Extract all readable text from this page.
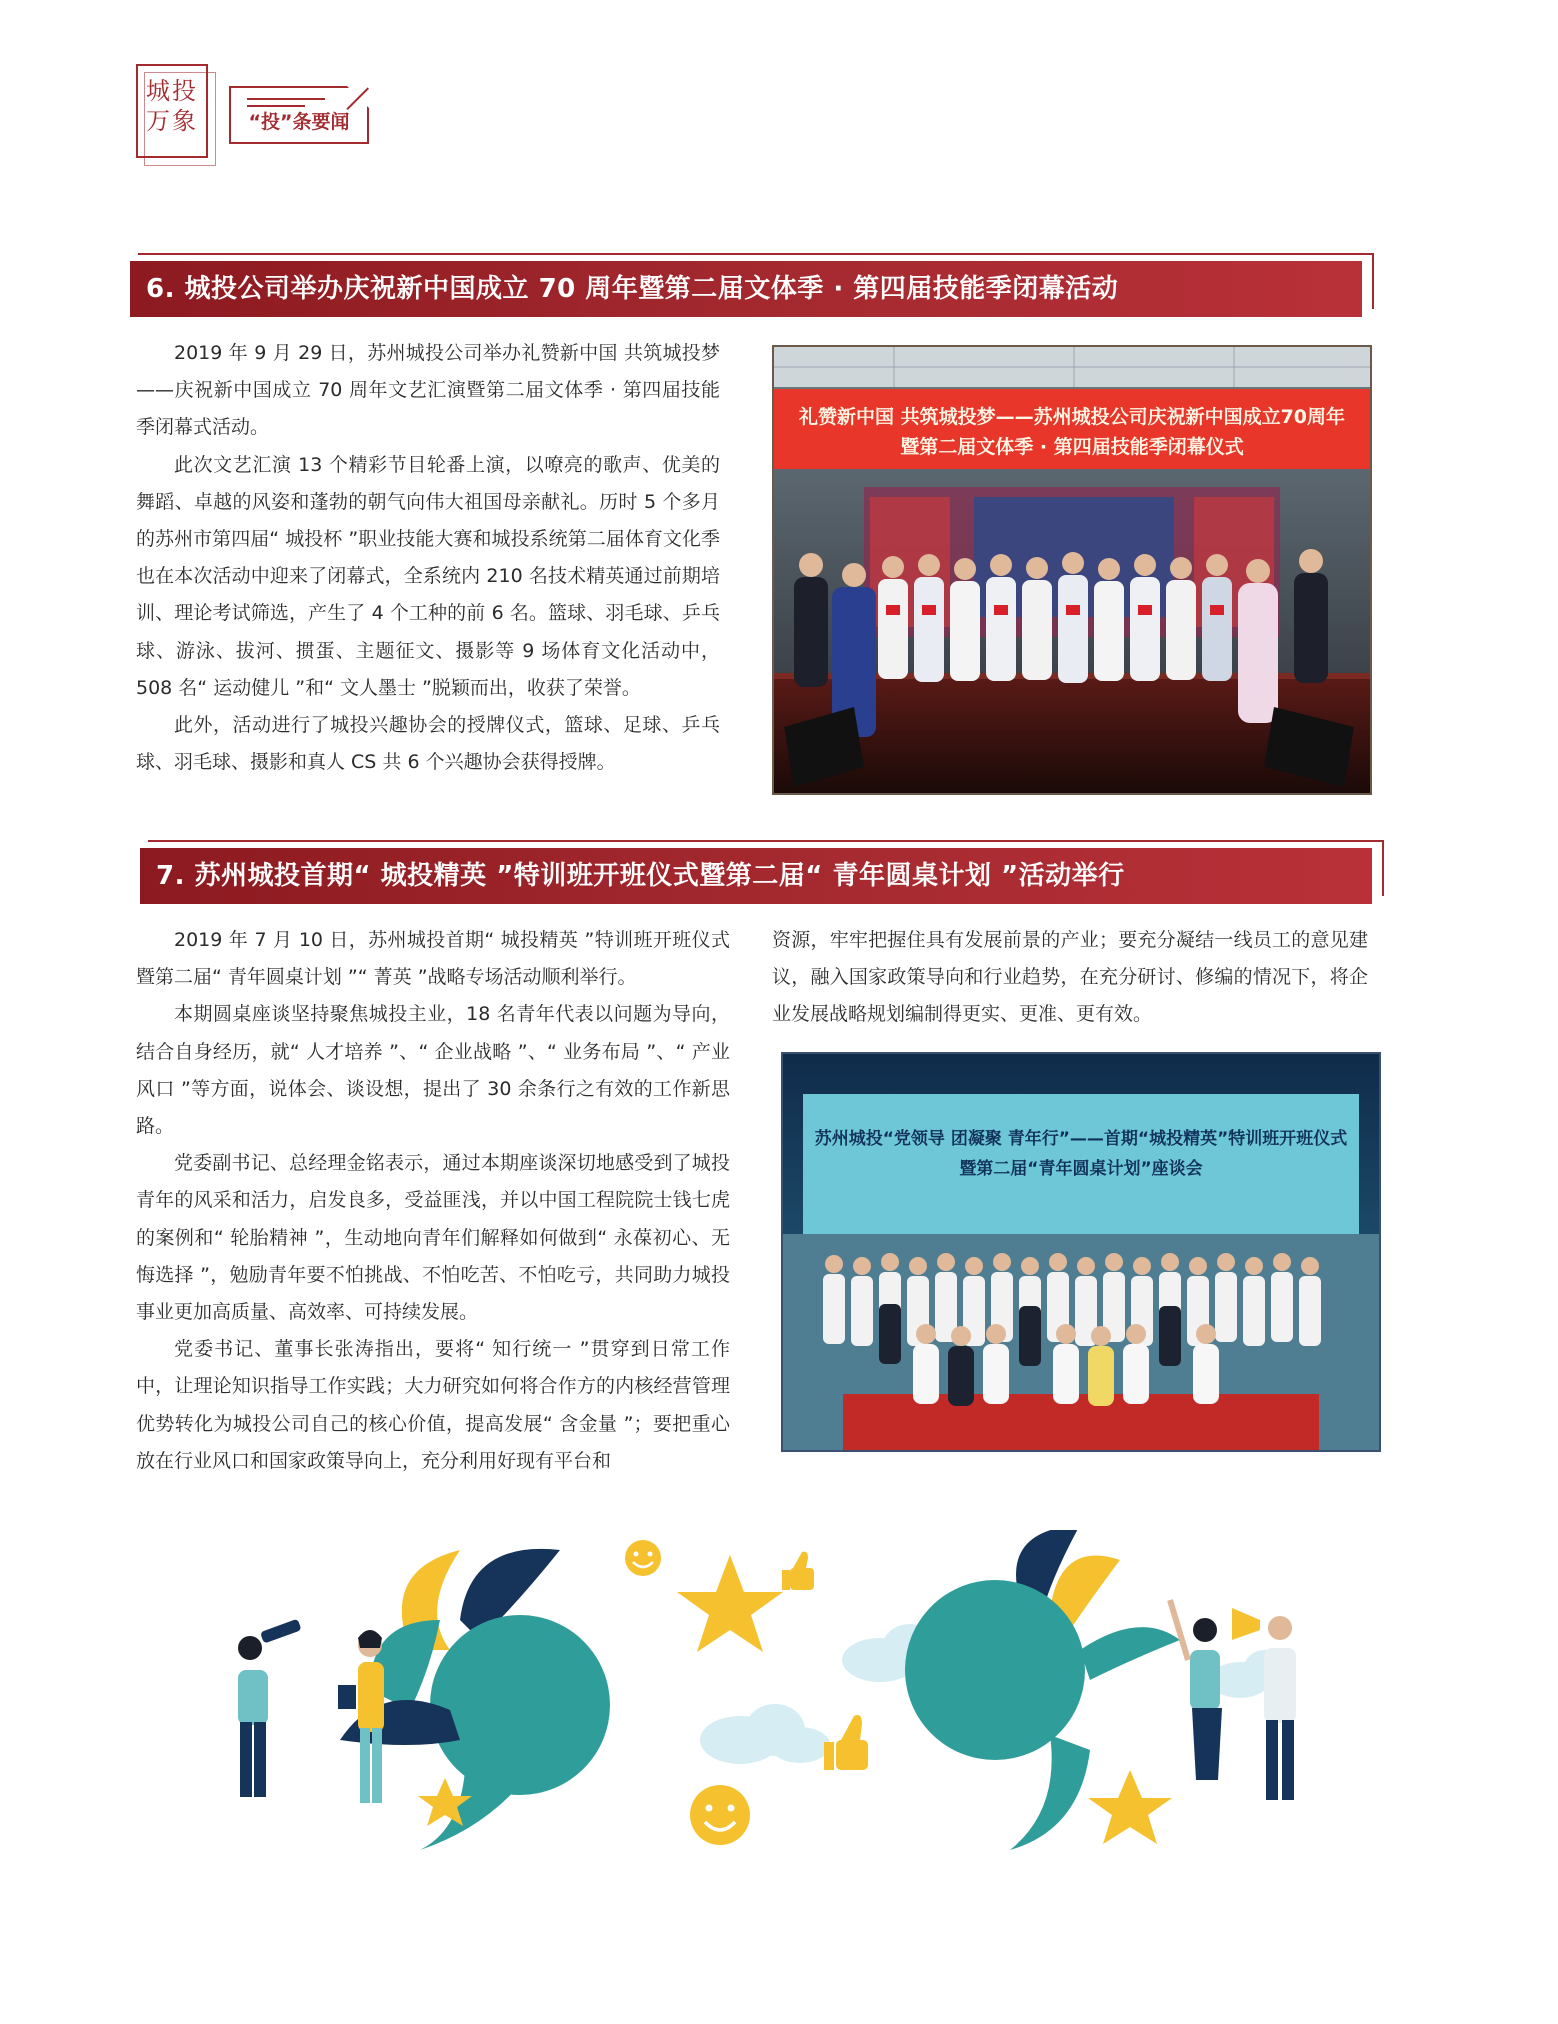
城投
万象	“投”条要闻
6. 城投公司举办庆祝新中国成立 70 周年暨第二届文体季 · 第四届技能季闭幕活动

2019 年 9 月 29 日，苏州城投公司举办礼赞新中国 共筑城投梦——庆祝新中国成立 70 周年文艺汇演暨第二届文体季 · 第四届技能季闭幕式活动。

此次文艺汇演 13 个精彩节目轮番上演，以嘹亮的歌声、优美的舞蹈、卓越的风姿和蓬勃的朝气向伟大祖国母亲献礼。历时 5 个多月的苏州市第四届“ 城投杯 ”职业技能大赛和城投系统第二届体育文化季也在本次活动中迎来了闭幕式，全系统内 210 名技术精英通过前期培训、理论考试筛选，产生了 4 个工种的前 6 名。篮球、羽毛球、乒乓球、游泳、拔河、掼蛋、主题征文、摄影等 9 场体育文化活动中，508 名“ 运动健儿 ”和“ 文人墨士 ”脱颖而出，收获了荣誉。

此外，活动进行了城投兴趣协会的授牌仪式，篮球、足球、乒乓球、羽毛球、摄影和真人 CS 共 6 个兴趣协会获得授牌。

礼赞新中国 共筑城投梦——苏州城投公司庆祝新中国成立70周年
暨第二届文体季 · 第四届技能季闭幕仪式
7. 苏州城投首期“ 城投精英 ”特训班开班仪式暨第二届“ 青年圆桌计划 ”活动举行

2019 年 7 月 10 日，苏州城投首期“ 城投精英 ”特训班开班仪式暨第二届“ 青年圆桌计划 ”“ 菁英 ”战略专场活动顺利举行。

本期圆桌座谈坚持聚焦城投主业，18 名青年代表以问题为导向，结合自身经历，就“ 人才培养 ”、“ 企业战略 ”、“ 业务布局 ”、“ 产业风口 ”等方面，说体会、谈设想，提出了 30 余条行之有效的工作新思路。

党委副书记、总经理金铭表示，通过本期座谈深切地感受到了城投青年的风采和活力，启发良多，受益匪浅，并以中国工程院院士钱七虎的案例和“ 轮胎精神 ”，生动地向青年们解释如何做到“ 永葆初心、无悔选择 ”，勉励青年要不怕挑战、不怕吃苦、不怕吃亏，共同助力城投事业更加高质量、高效率、可持续发展。

党委书记、董事长张涛指出，要将“ 知行统一 ”贯穿到日常工作中，让理论知识指导工作实践；大力研究如何将合作方的内核经营管理优势转化为城投公司自己的核心价值，提高发展“ 含金量 ”；要把重心放在行业风口和国家政策导向上，充分利用好现有平台和

资源，牢牢把握住具有发展前景的产业；要充分凝结一线员工的意见建议，融入国家政策导向和行业趋势，在充分研讨、修编的情况下，将企业发展战略规划编制得更实、更准、更有效。

苏州城投“党领导 团凝聚 青年行”——首期“城投精英”特训班开班仪式
暨第二届“青年圆桌计划”座谈会
